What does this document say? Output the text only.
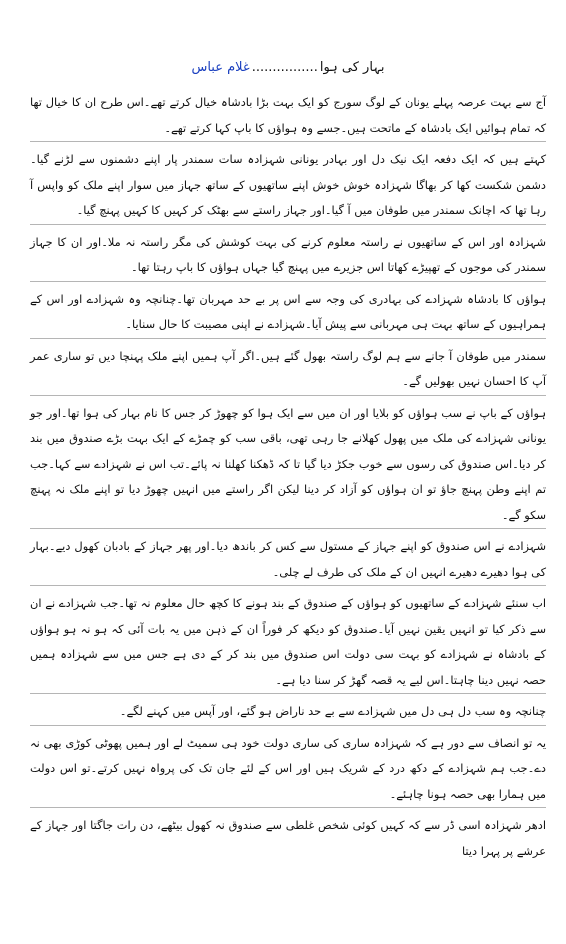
بہار کی ہوا................غلام عباس

آج سے بہت عرصہ پہلے یونان کے لوگ سورج کو ایک بہت بڑا بادشاہ خیال کرتے تھے۔اس طرح ان کا خیال تھا کہ تمام ہوائیں ایک بادشاہ کے ماتحت ہیں۔جسے وہ ہواؤں کا باپ کہا کرتے تھے۔

کہتے ہیں کہ ایک دفعہ ایک نیک دل اور بہادر یونانی شہزادہ سات سمندر پار اپنے دشمنوں سے لڑنے گیا۔دشمن شکست کھا کر بھاگا شہزادہ خوش خوش اپنے ساتھیوں کے ساتھ جہاز میں سوار اپنے ملک کو واپس آ رہا تھا کہ اچانک سمندر میں طوفان میں آ گیا۔اور جہاز راستے سے بھٹک کر کہیں کا کہیں پہنچ گیا۔

شہزادہ اور اس کے ساتھیوں نے راستہ معلوم کرنے کی بہت کوشش کی مگر راستہ نہ ملا۔اور ان کا جہاز سمندر کی موجوں کے تھپیڑے کھاتا اس جزیرے میں پہنچ گیا جہاں ہواؤں کا باپ رہتا تھا۔

ہواؤں کا بادشاہ شہزادے کی بہادری کی وجہ سے اس پر بے حد مہربان تھا۔چنانچہ وہ شہزادے اور اس کے ہمراہیوں کے ساتھ بہت ہی مہربانی سے پیش آیا۔شہزادے نے اپنی مصیبت کا حال سنایا۔

سمندر میں طوفان آ جانے سے ہم لوگ راستہ بھول گئے ہیں۔اگر آپ ہمیں اپنے ملک پہنچا دیں تو ساری عمر آپ کا احسان نہیں بھولیں گے۔

ہواؤں کے باپ نے سب ہواؤں کو بلایا اور ان میں سے ایک ہوا کو چھوڑ کر جس کا نام بہار کی ہوا تھا۔اور جو یونانی شہزادے کی ملک میں پھول کھلانے جا رہی تھی، باقی سب کو چمڑے کے ایک بہت بڑے صندوق میں بند کر دیا۔اس صندوق کی رسوں سے خوب جکڑ دیا گیا تا کہ ڈھکنا کھلنا نہ پائے۔تب اس نے شہزادے سے کہا۔جب تم اپنے وطن پہنچ جاؤ تو ان ہواؤں کو آزاد کر دینا لیکن اگر راستے میں انہیں چھوڑ دیا تو اپنے ملک نہ پہنچ سکو گے۔

شہزادے نے اس صندوق کو اپنے جہاز کے مستول سے کس کر باندھ دیا۔اور پھر جہاز کے بادبان کھول دیے۔بہار کی ہوا دھیرے دھیرے انہیں ان کے ملک کی طرف لے چلی۔

اب سنئے شہزادے کے ساتھیوں کو ہواؤں کے صندوق کے بند ہونے کا کچھ حال معلوم نہ تھا۔جب شہزادے نے ان سے ذکر کیا تو انہیں یقین نہیں آیا۔صندوق کو دیکھ کر فوراً ان کے ذہن میں یہ بات آئی کہ ہو نہ ہو ہواؤں کے بادشاہ نے شہزادے کو بہت سی دولت اس صندوق میں بند کر کے دی ہے جس میں سے شہزادہ ہمیں حصہ نہیں دینا چاہتا۔اس لیے یہ قصہ گھڑ کر سنا دیا ہے۔

چنانچہ وہ سب دل ہی دل میں شہزادے سے بے حد ناراض ہو گئے، اور آپس میں کہنے لگے۔

یہ تو انصاف سے دور ہے کہ شہزادہ ساری کی ساری دولت خود ہی سمیٹ لے اور ہمیں پھوٹی کوڑی بھی نہ دے۔جب ہم شہزادے کے دکھ درد کے شریک ہیں اور اس کے لئے جان تک کی پرواہ نہیں کرتے۔تو اس دولت میں ہمارا بھی حصہ ہونا چاہئے۔

ادھر شہزادہ اسی ڈر سے کہ کہیں کوئی شخص غلطی سے صندوق نہ کھول بیٹھے، دن رات جاگتا اور جہاز کے عرشے پر پہرا دیتا
